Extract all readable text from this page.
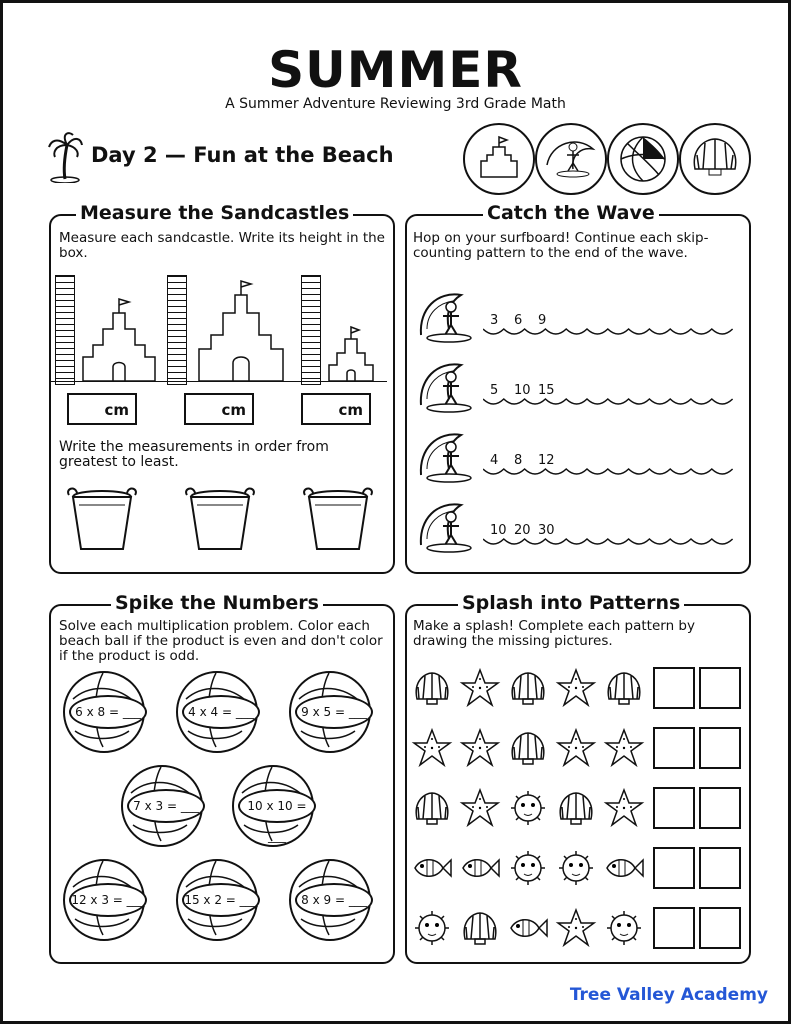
SUMMER
A Summer Adventure Reviewing 3rd Grade Math
Day 2 — Fun at the Beach
Measure the Sandcastles
Measure each sandcastle. Write its height in the box.
cm	cm	cm
Write the measurements in order from greatest to least.
Catch the Wave
Hop on your surfboard! Continue each skip-counting pattern to the end of the wave.
Spike the Numbers
Solve each multiplication problem. Color each beach ball if the product is even and don't color if the product is odd.
Splash into Patterns
Make a splash! Complete each pattern by drawing the missing pictures.
Tree Valley Academy
3 6 9
5 10 15
4 8 12
10 20 30
6 x 8 = ___	4 x 4 = ___	9 x 5 = ___
7 x 3 = ___	10 x 10 = ___
12 x 3 = ___	15 x 2 = ___	8 x 9 = ___
